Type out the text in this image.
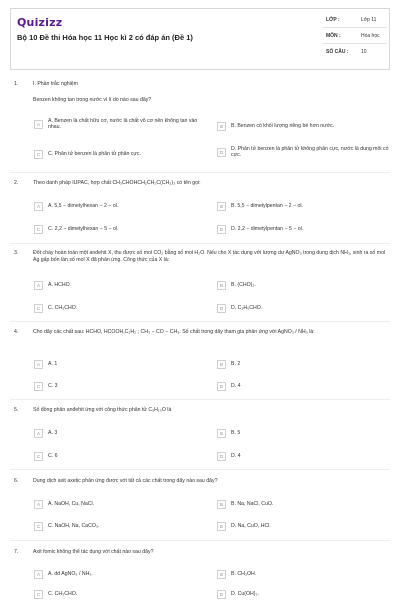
Quizizz
Bộ 10 Đề thi Hóa học 11 Học kì 2 có đáp án (Đề 1)
LỚP :	Lớp 11
MÔN :	Hóa học
SỐ CÂU :	10
1.	I. Phần trắc nghiệm
Benzen không tan trong nước vì lí do nào sau đây?
A
A. Benzen là chất hữu cơ, nước là chất vô cơ nên không tan vào nhau.	B	B. Benzen có khối lượng riêng bé hơn nước.
C	C. Phân tử benzen là phân tử phân cực.	D
D. Phân tử benzen là phân tử không phân cực, nước là dung môi có cực.
2.	Theo danh pháp IUPAC, hợp chất CH₃CHOHCH₂CH₂C(CH₃)₃ có tên gọi:
A	A. 5,5 − dimetylhexan − 2 − ol.	B	B. 5,5 − dimetylpentan − 2 − ol.
C	C. 2,2 − dimetylhexan − 5 − ol.	D	D. 2,2 − dimetylpentan − 5 − ol.
3.	Đốt cháy hoàn toàn một anđehit X, thu được số mol CO₂ bằng số mol H₂O. Nếu cho X tác dụng với lượng dư AgNO₃ trong dung dịch NH₃, sinh ra số mol Ag gấp bốn lần số mol X đã phản ứng. Công thức của X là:
A	A. HCHO.	B	B. (CHO)₂.
C	C. CH₃CHO.	D	D. C₂H₅CHO.
4.	Cho dãy các chất sau: HCHO, HCOOH,C₂H₂ ; CH₃ − CO − CH₃. Số chất trong dãy tham gia phản ứng với AgNO₃ / NH₃ là:
A	A. 1	B	B. 2
C	C. 3	D	D. 4
5.	Số đồng phân anđehit ứng với công thức phân tử C₅H₁₀O là
A	A. 3	B	B. 5
C	C. 6	D	D. 4
6.	Dung dịch axit axetic phản ứng được với tất cả các chất trong dãy nào sau đây?
A	A. NaOH, Cu, NaCl.	B	B. Na, NaCl, CuO.
C	C. NaOH, Na, CaCO₃.	D	D. Na, CuO, HCl.
7.	Axit fomic không thể tác dụng với chất nào sau đây?
A	A. dd AgNO₃ / NH₃.	B	B. CH₃OH.
C	C. CH₃CHO.	D	D. Cu(OH)₂.
